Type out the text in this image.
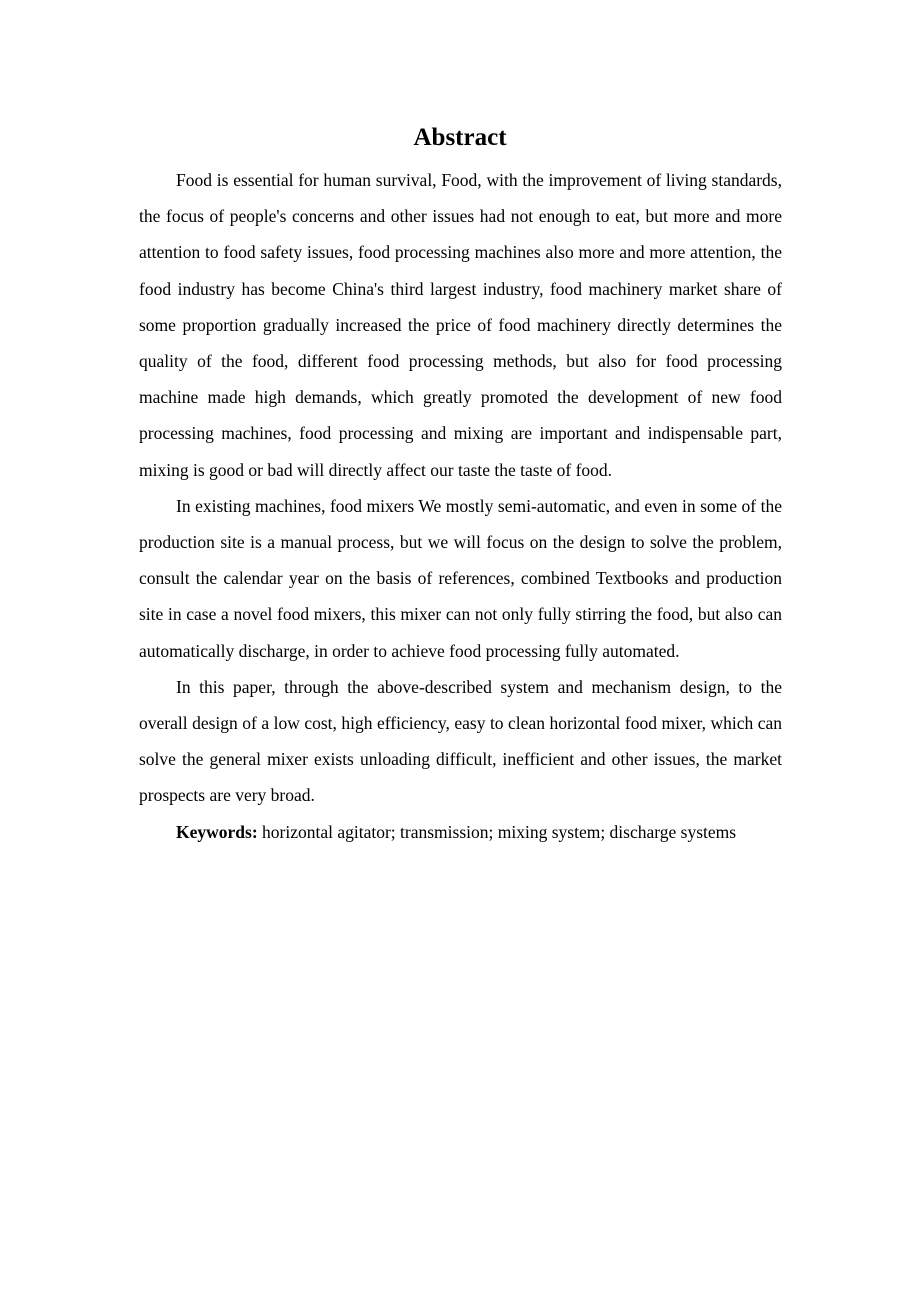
Abstract

Food is essential for human survival, Food, with the improvement of living standards, the focus of people's concerns and other issues had not enough to eat, but more and more attention to food safety issues, food processing machines also more and more attention, the food industry has become China's third largest industry, food machinery market share of some proportion gradually increased the price of food machinery directly determines the quality of the food, different food processing methods, but also for food processing machine made high demands, which greatly promoted the development of new food processing machines, food processing and mixing are important and indispensable part, mixing is good or bad will directly affect our taste the taste of food.

In existing machines, food mixers We mostly semi-automatic, and even in some of the production site is a manual process, but we will focus on the design to solve the problem, consult the calendar year on the basis of references, combined Textbooks and production site in case a novel food mixers, this mixer can not only fully stirring the food, but also can automatically discharge, in order to achieve food processing fully automated.

In this paper, through the above-described system and mechanism design, to the overall design of a low cost, high efficiency, easy to clean horizontal food mixer, which can solve the general mixer exists unloading difficult, inefficient and other issues, the market prospects are very broad.

Keywords: horizontal agitator; transmission; mixing system; discharge systems
